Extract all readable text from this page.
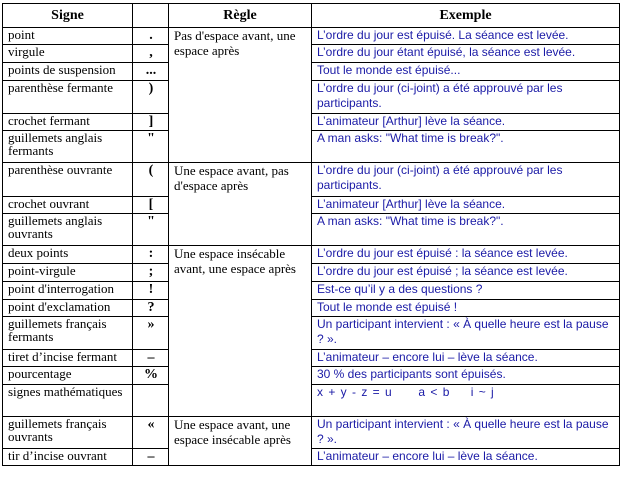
Signe		Règle	Exemple
point	.	Pas d'espace avant, une espace après	L’ordre du jour est épuisé. La séance est levée.
virgule	,		L’ordre du jour étant épuisé, la séance est levée.
points de suspension	...		Tout le monde est épuisé...
parenthèse fermante	)		L’ordre du jour (ci-joint) a été approuvé par les participants.
crochet fermant	]		L’animateur [Arthur] lève la séance.
guillemets anglais fermants	"		A man asks: "What time is break?".
parenthèse ouvrante	(	Une espace avant, pas d'espace après	L’ordre du jour (ci-joint) a été approuvé par les participants.
crochet ouvrant	[		L’animateur [Arthur] lève la séance.
guillemets anglais ouvrants	"		A man asks: "What time is break?".
deux points	:	Une espace insécable avant, une espace après	L’ordre du jour est épuisé : la séance est levée.
point-virgule	;		L’ordre du jour est épuisé ; la séance est levée.
point d'interrogation	!		Est-ce qu’il y a des questions ?
point d'exclamation	?		Tout le monde est épuisé !
guillemets français fermants	»		Un participant intervient : « À quelle heure est la pause ? ».
tiret d’incise fermant	–		L’animateur – encore lui – lève la séance.
pourcentage	%		30 % des participants sont épuisés.
signes mathématiques			x + y - z = u     a < b    i ~ j
guillemets français ouvrants	«	Une espace avant, une espace insécable après	Un participant intervient : « À quelle heure est la pause ? ».
tir d’incise ouvrant	–		L’animateur – encore lui – lève la séance.
